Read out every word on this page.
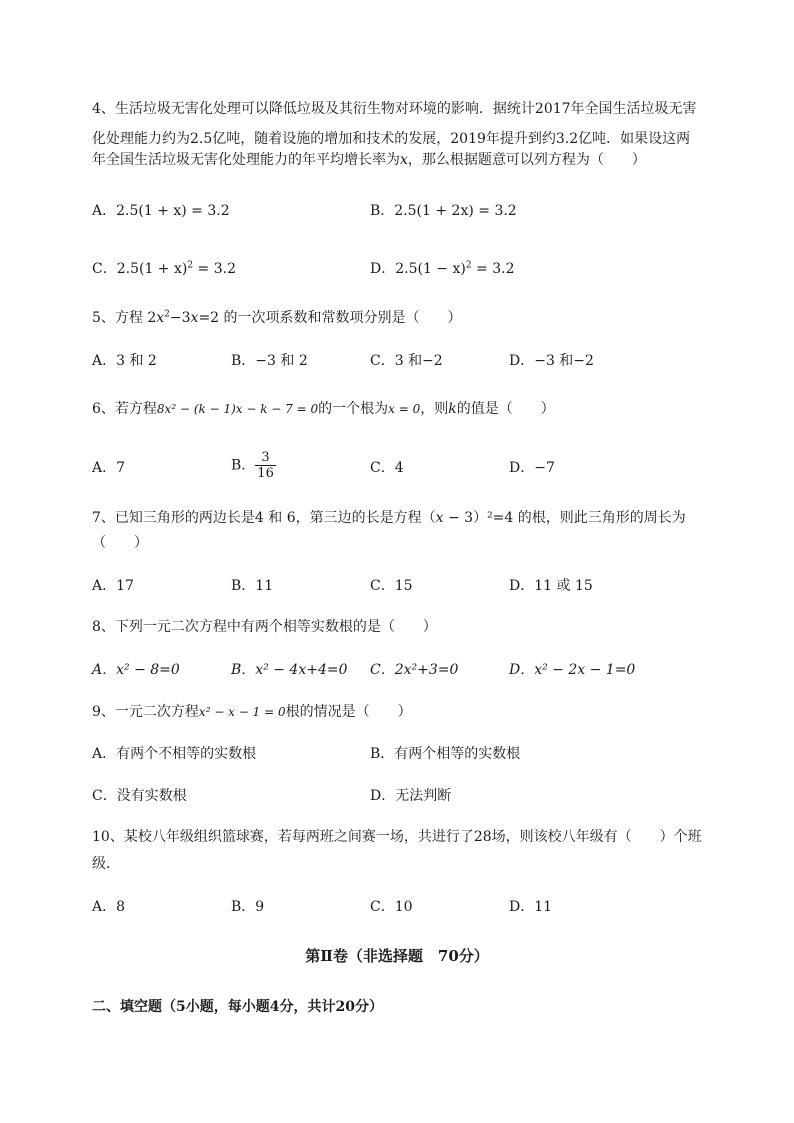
4、生活垃圾无害化处理可以降低垃圾及其衍生物对环境的影响．据统计2017年全国生活垃圾无害
化处理能力约为2.5亿吨，随着设施的增加和技术的发展，2019年提升到约3.2亿吨．如果设这两
年全国生活垃圾无害化处理能力的年平均增长率为x，那么根据题意可以列方程为（　　）
A．2.5(1 + x) = 3.2	B．2.5(1 + 2x) = 3.2
C．$2.5(1 + x)^2 = 3.2$	D．$2.5(1 - x)^2 = 3.2$
5、方程 $2x^2-3x=2$ 的一次项系数和常数项分别是（　　）
A．3 和 2	B．−3 和 2	C．3 和−2	D．−3 和−2
6、若方程8x² − (k − 1)x − k − 7 = 0的一个根为x = 0，则k的值是（　　）
A．7	B． $\frac{3}{16}$	C．4	D．−7
7、已知三角形的两边长是4 和 6，第三边的长是方程（x − 3）²=4 的根，则此三角形的周长为
（　　）
A．17	B．11	C．15	D．11 或 15
8、下列一元二次方程中有两个相等实数根的是（　　）
A．x² − 8=0	B．x² − 4x+4=0 C．2x²+3=0	D．x² − 2x − 1=0
9、一元二次方程x² − x − 1 = 0根的情况是（　　）
A．有两个不相等的实数根	B．有两个相等的实数根
C．没有实数根	D．无法判断
10、某校八年级组织篮球赛，若每两班之间赛一场，共进行了28场，则该校八年级有（　　）个班
级．
A．8	B．9	C．10	D．11
第Ⅱ卷（非选择题　70分）
二、填空题（5小题，每小题4分，共计20分）
